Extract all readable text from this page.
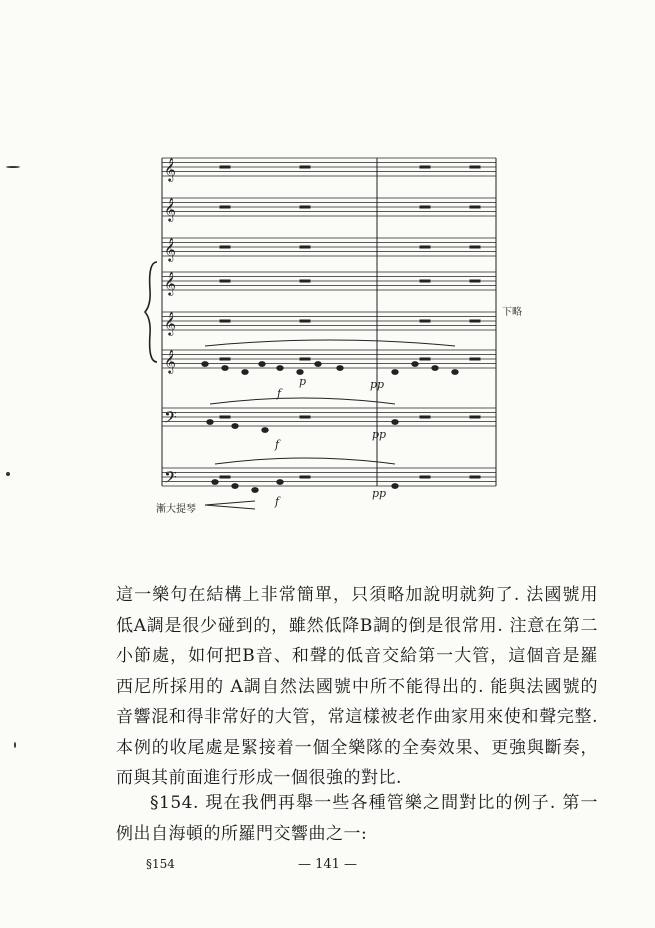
𝄞
𝄞
𝄞
𝄞
𝄞
𝄞
𝄢
𝄢
f
p	pp
f
pp
f
pp
漸大提琴
下略

這一樂句在結構上非常簡單，只須略加說明就夠了. 法國號用低A調是很少碰到的，雖然低降B調的倒是很常用. 注意在第二小節處，如何把B音、和聲的低音交給第一大管，這個音是羅西尼所採用的 A調自然法國號中所不能得出的. 能與法國號的音響混和得非常好的大管，常這樣被老作曲家用來使和聲完整. 本例的收尾處是緊接着一個全樂隊的全奏效果、更強與斷奏，而與其前面進行形成一個很強的對比.

§154. 現在我們再舉一些各種管樂之間對比的例子. 第一例出自海頓的所羅門交響曲之一:

— 141 —
§154
